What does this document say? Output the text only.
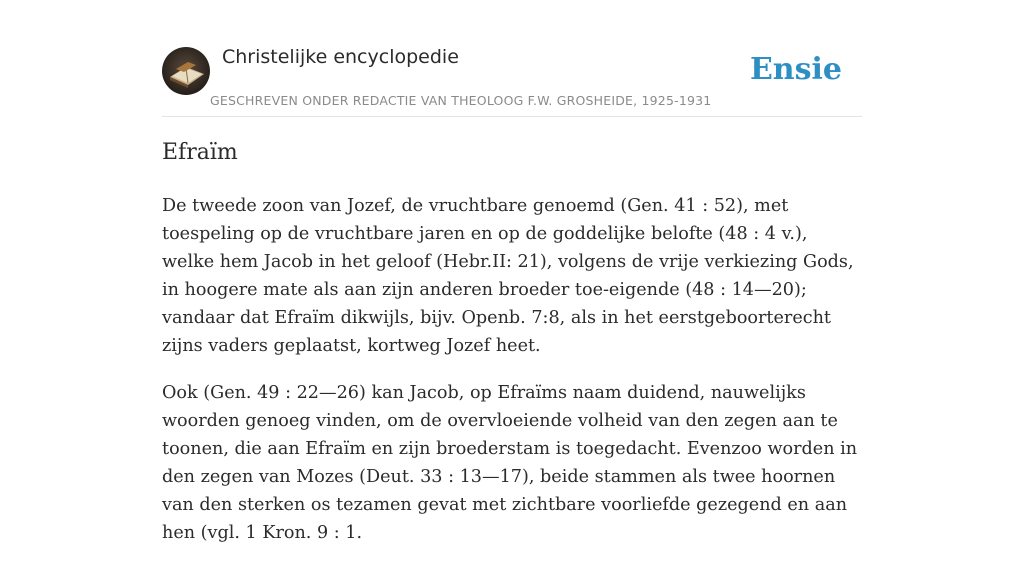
Christelijke encyclopedie
GESCHREVEN ONDER REDACTIE VAN THEOLOOG F.W. GROSHEIDE, 1925-1931
Ensie
Efraïm

De tweede zoon van Jozef, de vruchtbare genoemd (Gen. 41 : 52), met toespeling op de vruchtbare jaren en op de goddelijke belofte (48 : 4 v.), welke hem Jacob in het geloof (Hebr.II: 21), volgens de vrije verkiezing Gods, in hoogere mate als aan zijn anderen broeder toe-eigende (48 : 14—20); vandaar dat Efraïm dikwijls, bijv. Openb. 7:8, als in het eerstgeboorterecht zijns vaders geplaatst, kortweg Jozef heet.

Ook (Gen. 49 : 22—26) kan Jacob, op Efraïms naam duidend, nauwelijks woorden genoeg vinden, om de overvloeiende volheid van den zegen aan te toonen, die aan Efraïm en zijn broederstam is toegedacht. Evenzoo worden in den zegen van Mozes (Deut. 33 : 13—17), beide stammen als twee hoornen van den sterken os tezamen gevat met zichtbare voorliefde gezegend en aan hen (vgl. 1 Kron. 9 : 1.
